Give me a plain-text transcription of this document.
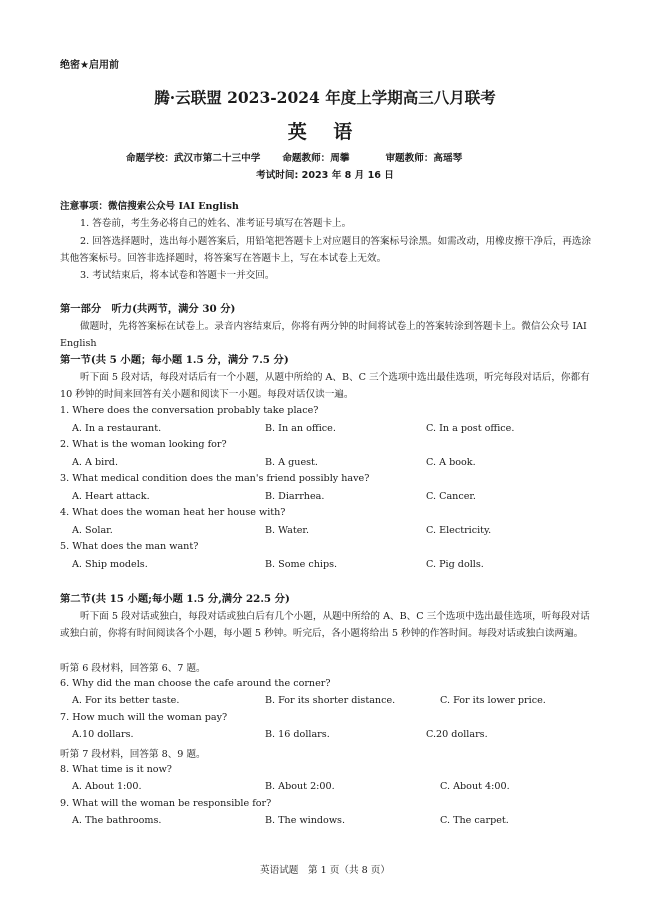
绝密★启用前
腾·云联盟 2023-2024 年度上学期高三八月联考
英 语
命题学校：武汉市第二十三中学 命题教师：周攀	审题教师：高瑶琴
考试时间: 2023 年 8 月 16 日
注意事项：微信搜索公众号 IAI English
1. 答卷前，考生务必将自己的姓名、准考证号填写在答题卡上。
2. 回答选择题时，选出每小题答案后，用铅笔把答题卡上对应题目的答案标号涂黑。如需改动，用橡皮擦干净后，再选涂其他答案标号。回答非选择题时，将答案写在答题卡上，写在本试卷上无效。
3. 考试结束后，将本试卷和答题卡一并交回。
第一部分　听力(共两节，满分 30 分)
做题时，先将答案标在试卷上。录音内容结束后，你将有两分钟的时间将试卷上的答案转涂到答题卡上。微信公众号 IAI English
第一节(共 5 小题；每小题 1.5 分，满分 7.5 分)
听下面 5 段对话，每段对话后有一个小题，从题中所给的 A、B、C 三个选项中选出最佳选项，听完每段对话后，你都有 10 秒钟的时间来回答有关小题和阅读下一小题。每段对话仅读一遍。
1. Where does the conversation probably take place?
A. In a restaurant.	B. In an office.	C. In a post office.
2. What is the woman looking for?
A. A bird.	B. A guest.	C. A book.
3. What medical condition does the man's friend possibly have?
A. Heart attack.	B. Diarrhea.	C. Cancer.
4. What does the woman heat her house with?
A. Solar.	B. Water.	C. Electricity.
5. What does the man want?
A. Ship models.	B. Some chips.	C. Pig dolls.
第二节(共 15 小题;每小题 1.5 分,满分 22.5 分)
听下面 5 段对话或独白，每段对话或独白后有几个小题，从题中所给的 A、B、C 三个选项中选出最佳选项，听每段对话或独白前，你将有时间阅读各个小题，每小题 5 秒钟。听完后，各小题将给出 5 秒钟的作答时间。每段对话或独白读两遍。
听第 6 段材料，回答第 6、7 题。
6. Why did the man choose the cafe around the corner?
A. For its better taste.	B. For its shorter distance.	C. For its lower price.
7. How much will the woman pay?
A.10 dollars.	B. 16 dollars.	C.20 dollars.
听第 7 段材料，回答第 8、9 题。
8. What time is it now?
A. About 1:00.	B. About 2:00.	C. About 4:00.
9. What will the woman be responsible for?
A. The bathrooms.	B. The windows.	C. The carpet.
英语试题　第 1 页（共 8 页）
